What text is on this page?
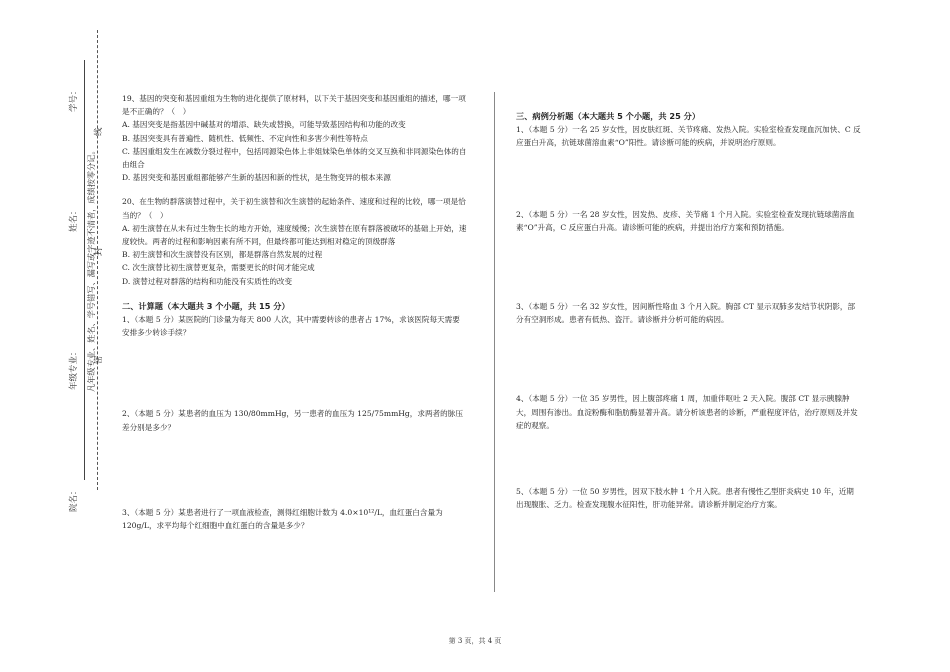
学号：
姓名：
年级专业：
院名：
凡年级专业、姓名、学号错写、漏写或字迹不清者，成绩按零分记。
线
封
密

19、基因的突变和基因重组为生物的进化提供了原材料，以下关于基因突变和基因重组的描述，哪一项是不正确的？（　）

A. 基因突变是指基因中碱基对的增添、缺失或替换，可能导致基因结构和功能的改变

B. 基因突变具有普遍性、随机性、低频性、不定向性和多害少利性等特点

C. 基因重组发生在减数分裂过程中，包括同源染色体上非姐妹染色单体的交叉互换和非同源染色体的自由组合

D. 基因突变和基因重组都能够产生新的基因和新的性状，是生物变异的根本来源

20、在生物的群落演替过程中，关于初生演替和次生演替的起始条件、速度和过程的比较，哪一项是恰当的？（　）

A. 初生演替在从未有过生物生长的地方开始，速度缓慢；次生演替在原有群落被破坏的基础上开始，速度较快。两者的过程和影响因素有所不同，但最终都可能达到相对稳定的顶级群落

B. 初生演替和次生演替没有区别，都是群落自然发展的过程

C. 次生演替比初生演替更复杂，需要更长的时间才能完成

D. 演替过程对群落的结构和功能没有实质性的改变

二、计算题（本大题共 3 个小题，共 15 分）

1、（本题 5 分）某医院的门诊量为每天 800 人次，其中需要转诊的患者占 17%，求该医院每天需要安排多少转诊手续？

2、（本题 5 分）某患者的血压为 130/80mmHg，另一患者的血压为 125/75mmHg，求两者的脉压差分别是多少？

3、（本题 5 分）某患者进行了一项血液检查，测得红细胞计数为 4.0×10¹²/L，血红蛋白含量为 120g/L，求平均每个红细胞中血红蛋白的含量是多少？

三、病例分析题（本大题共 5 个小题，共 25 分）

1、（本题 5 分）一名 25 岁女性，因皮肤红斑、关节疼痛、发热入院。实验室检查发现血沉加快、C 反应蛋白升高，抗链球菌溶血素“O”阳性。请诊断可能的疾病，并说明治疗原则。

2、（本题 5 分）一名 28 岁女性，因发热、皮疹、关节痛 1 个月入院。实验室检查发现抗链球菌溶血素“O”升高，C 反应蛋白升高。请诊断可能的疾病，并提出治疗方案和预防措施。

3、（本题 5 分）一名 32 岁女性，因间断性咯血 3 个月入院。胸部 CT 显示双肺多发结节状阴影，部分有空洞形成。患者有低热、盗汗。请诊断并分析可能的病因。

4、（本题 5 分）一位 35 岁男性，因上腹部疼痛 1 周，加重伴呕吐 2 天入院。腹部 CT 显示胰腺肿大，周围有渗出。血淀粉酶和脂肪酶显著升高。请分析该患者的诊断，严重程度评估，治疗原则及并发症的观察。

5、（本题 5 分）一位 50 岁男性，因双下肢水肿 1 个月入院。患者有慢性乙型肝炎病史 10 年，近期出现腹胀、乏力。检查发现腹水征阳性，肝功能异常。请诊断并制定治疗方案。

第 3 页，共 4 页
